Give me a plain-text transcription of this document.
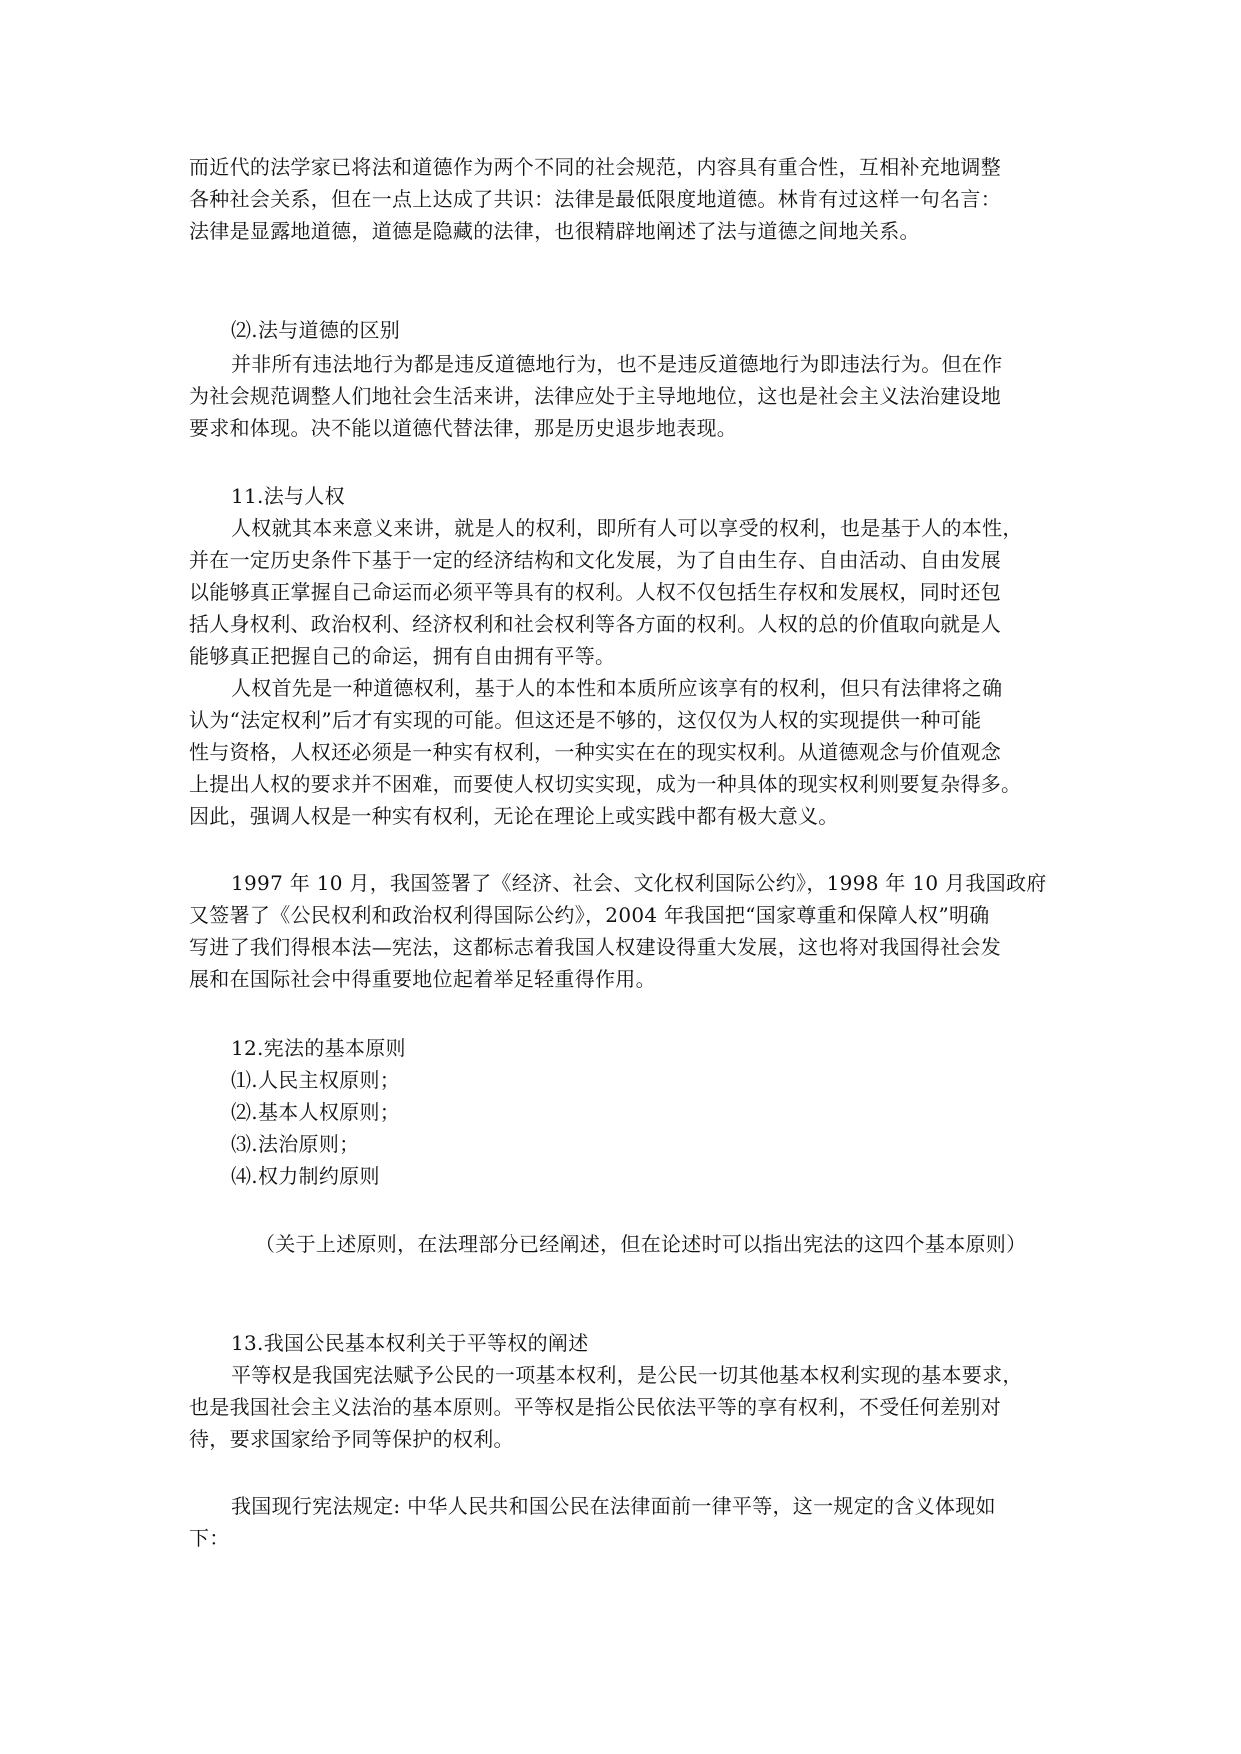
而近代的法学家已将法和道德作为两个不同的社会规范，内容具有重合性，互相补充地调整
各种社会关系，但在一点上达成了共识：法律是最低限度地道德。林肯有过这样一句名言：
法律是显露地道德，道德是隐藏的法律，也很精辟地阐述了法与道德之间地关系。
⑵.法与道德的区别
并非所有违法地行为都是违反道德地行为，也不是违反道德地行为即违法行为。但在作
为社会规范调整人们地社会生活来讲，法律应处于主导地地位，这也是社会主义法治建设地
要求和体现。决不能以道德代替法律，那是历史退步地表现。
11.法与人权
人权就其本来意义来讲，就是人的权利，即所有人可以享受的权利，也是基于人的本性，
并在一定历史条件下基于一定的经济结构和文化发展，为了自由生存、自由活动、自由发展
以能够真正掌握自己命运而必须平等具有的权利。人权不仅包括生存权和发展权，同时还包
括人身权利、政治权利、经济权利和社会权利等各方面的权利。人权的总的价值取向就是人
能够真正把握自己的命运，拥有自由拥有平等。
人权首先是一种道德权利，基于人的本性和本质所应该享有的权利，但只有法律将之确
认为“法定权利”后才有实现的可能。但这还是不够的，这仅仅为人权的实现提供一种可能
性与资格，人权还必须是一种实有权利，一种实实在在的现实权利。从道德观念与价值观念
上提出人权的要求并不困难，而要使人权切实实现，成为一种具体的现实权利则要复杂得多。
因此，强调人权是一种实有权利，无论在理论上或实践中都有极大意义。
1997 年 10 月，我国签署了《经济、社会、文化权利国际公约》，1998 年 10 月我国政府
又签署了《公民权利和政治权利得国际公约》，2004 年我国把“国家尊重和保障人权”明确
写进了我们得根本法—宪法，这都标志着我国人权建设得重大发展，这也将对我国得社会发
展和在国际社会中得重要地位起着举足轻重得作用。
12.宪法的基本原则
⑴.人民主权原则；
⑵.基本人权原则；
⑶.法治原则；
⑷.权力制约原则
（关于上述原则，在法理部分已经阐述，但在论述时可以指出宪法的这四个基本原则）
13.我国公民基本权利关于平等权的阐述
平等权是我国宪法赋予公民的一项基本权利，是公民一切其他基本权利实现的基本要求，
也是我国社会主义法治的基本原则。平等权是指公民依法平等的享有权利，不受任何差别对
待，要求国家给予同等保护的权利。
我国现行宪法规定: 中华人民共和国公民在法律面前一律平等，这一规定的含义体现如
下：
